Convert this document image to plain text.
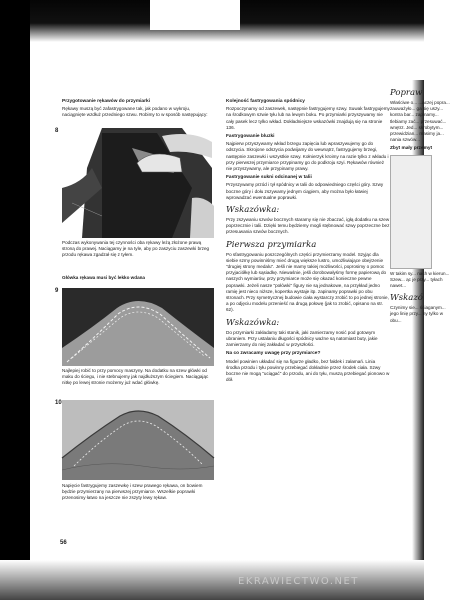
Przygotowanie rękawów do przymiarki

Rękawy muszą być zafastrygowane tak, jak podano w wykroju, naciągnięte wzdłuż przedniego szwu. Robimy to w sposób następujący:

8
Podczas wykonywania tej czynności oba rękawy leżą złożone prawą stroną do prawej. Naciągamy je na tyle, aby po zaszyciu zaszewki brzeg przodu rękawa zgadzał się z tyłem.
Główka rękawa musi być lekko wdana
9
Najlepiej robić to przy pomocy maszyny. Na dodatku na szew główki od maku do ściegu, i nie stebnujemy jak najdłuższym ściegiem. Naciągając nitkę po lewej stronie możemy już wdać główkę.
10
Napięcie fastrygujemy zaszewkę i szew prawego rękawa, on bowiem będzie przymierzany na pierwszej przymiarce. Wszelkie poprawki przenosimy łatwo na jeszcze nie zszyty lewy rękaw.
56
Kolejność fastrygowania spódnicy

Rozpoczynamy od zaszewek, następnie fastrygujemy szwy. Suwak fastrygujemy na środkowym szwie tyłu lub na lewym boku. Po przymiarki przyszywamy nie cały pasek lecz tylko wkład. Dokładniejsze wskazówki znajdują się na stronie 136.

Fastrygowanie bluzki

Najpierw przyszywamy wkład brzegu zapięcia lub wpraszywujemy go do odszycia. Skrojone odszycia podwijamy do wewnątrz, fastrygujemy brzegi, następnie zaszewki i wszystkie szwy. Kołnierzyk kroimy na razie tylko z wkładu i przy pierwszej przymiarce przypinamy go do podkroju szyi. Rękawów również nie przyszywamy, ale przypinamy prawy.

Fastrygowanie sukni odcinanej w talii

Przyszywamy przód i tył spódnicy w talii do odpowiedniego części góry. Szwy boczne góry i dołu zszywamy jednym ciągiem, aby można było łatwiej wprowadzać ewentualne poprawki.

Wskazówka:

Przy zszywaniu szwów bocznych staramy się nie zbaczać, igłą dodatku na szew poprzecznie i talii. Dzięki temu będziemy mogli stębnować szwy poprzeczne bez przesuwania szwów bocznych.

Pierwsza przymiarka

Po sfastrygowaniu poszczególnych części przymierzamy model. Szyjąc dla siebie szmy powinniśmy mieć drugą większe lustro, umożliwiające obejrzenie "drugiej strony medalu". Jeśli nie mamy takiej możliwości, poprosimy o pomoc przyjaciółkę lub sąsiadkę. Niewaśnie, jeśli dorobowałyśmy formę papierową do naszych wymiarów, przy przymiarce może się okazać konieczne pewne poprawki. Jeżeli nasze "połówki" figury nie są jednakowe, na przykład jedno ramię jest nieco niższe, kopertka wystaje itp. zapinamy poprawki po obu stronach. Przy symetrycznej budowie ciała wystarczy zrobić to po jednej stronie, a po odjęciu modelu przenieść na drugą połowę (jak to zrobić, opisano na str. 62).

Wskazówka:

Do przymiarki zakładamy taki stanik, jaki zamierzamy nosić pod gotowym ubraniem. Przy ustalaniu długości spódnicy ważne są natomiast buty, jakie zamierzamy do niej zakładać w przyszłości.

Na co zwracamy uwagę przy przymiarce?

Model powinien układać się na figurze gładko, bez fałdek i załamań. Linia środka przodu i tyłu powinny przebiegać dokładnie przez środek ciała. Szwy boczne nie mogą "uciągać" do przodu, ani do tyłu, muszą przebiegać pionowo w dół.

Popraw

Właściwe o... ...aczej popra... zauważyło... ga się uszy... kontra bar... zapinamy... tlebiamy zać... przesuwać... wnętrz. Jed... skrobytym... przewidzian... masimy ja... nania szwów...

Zbyt mały przemyt

W takim sy... nach w kierun... Szew... ąc je przy... tyłach nawet...

Wskazó

Czynimy sie... ściaganym... jego linię przy... ny tylko w obu...

EKRAWIECTWO.NET
